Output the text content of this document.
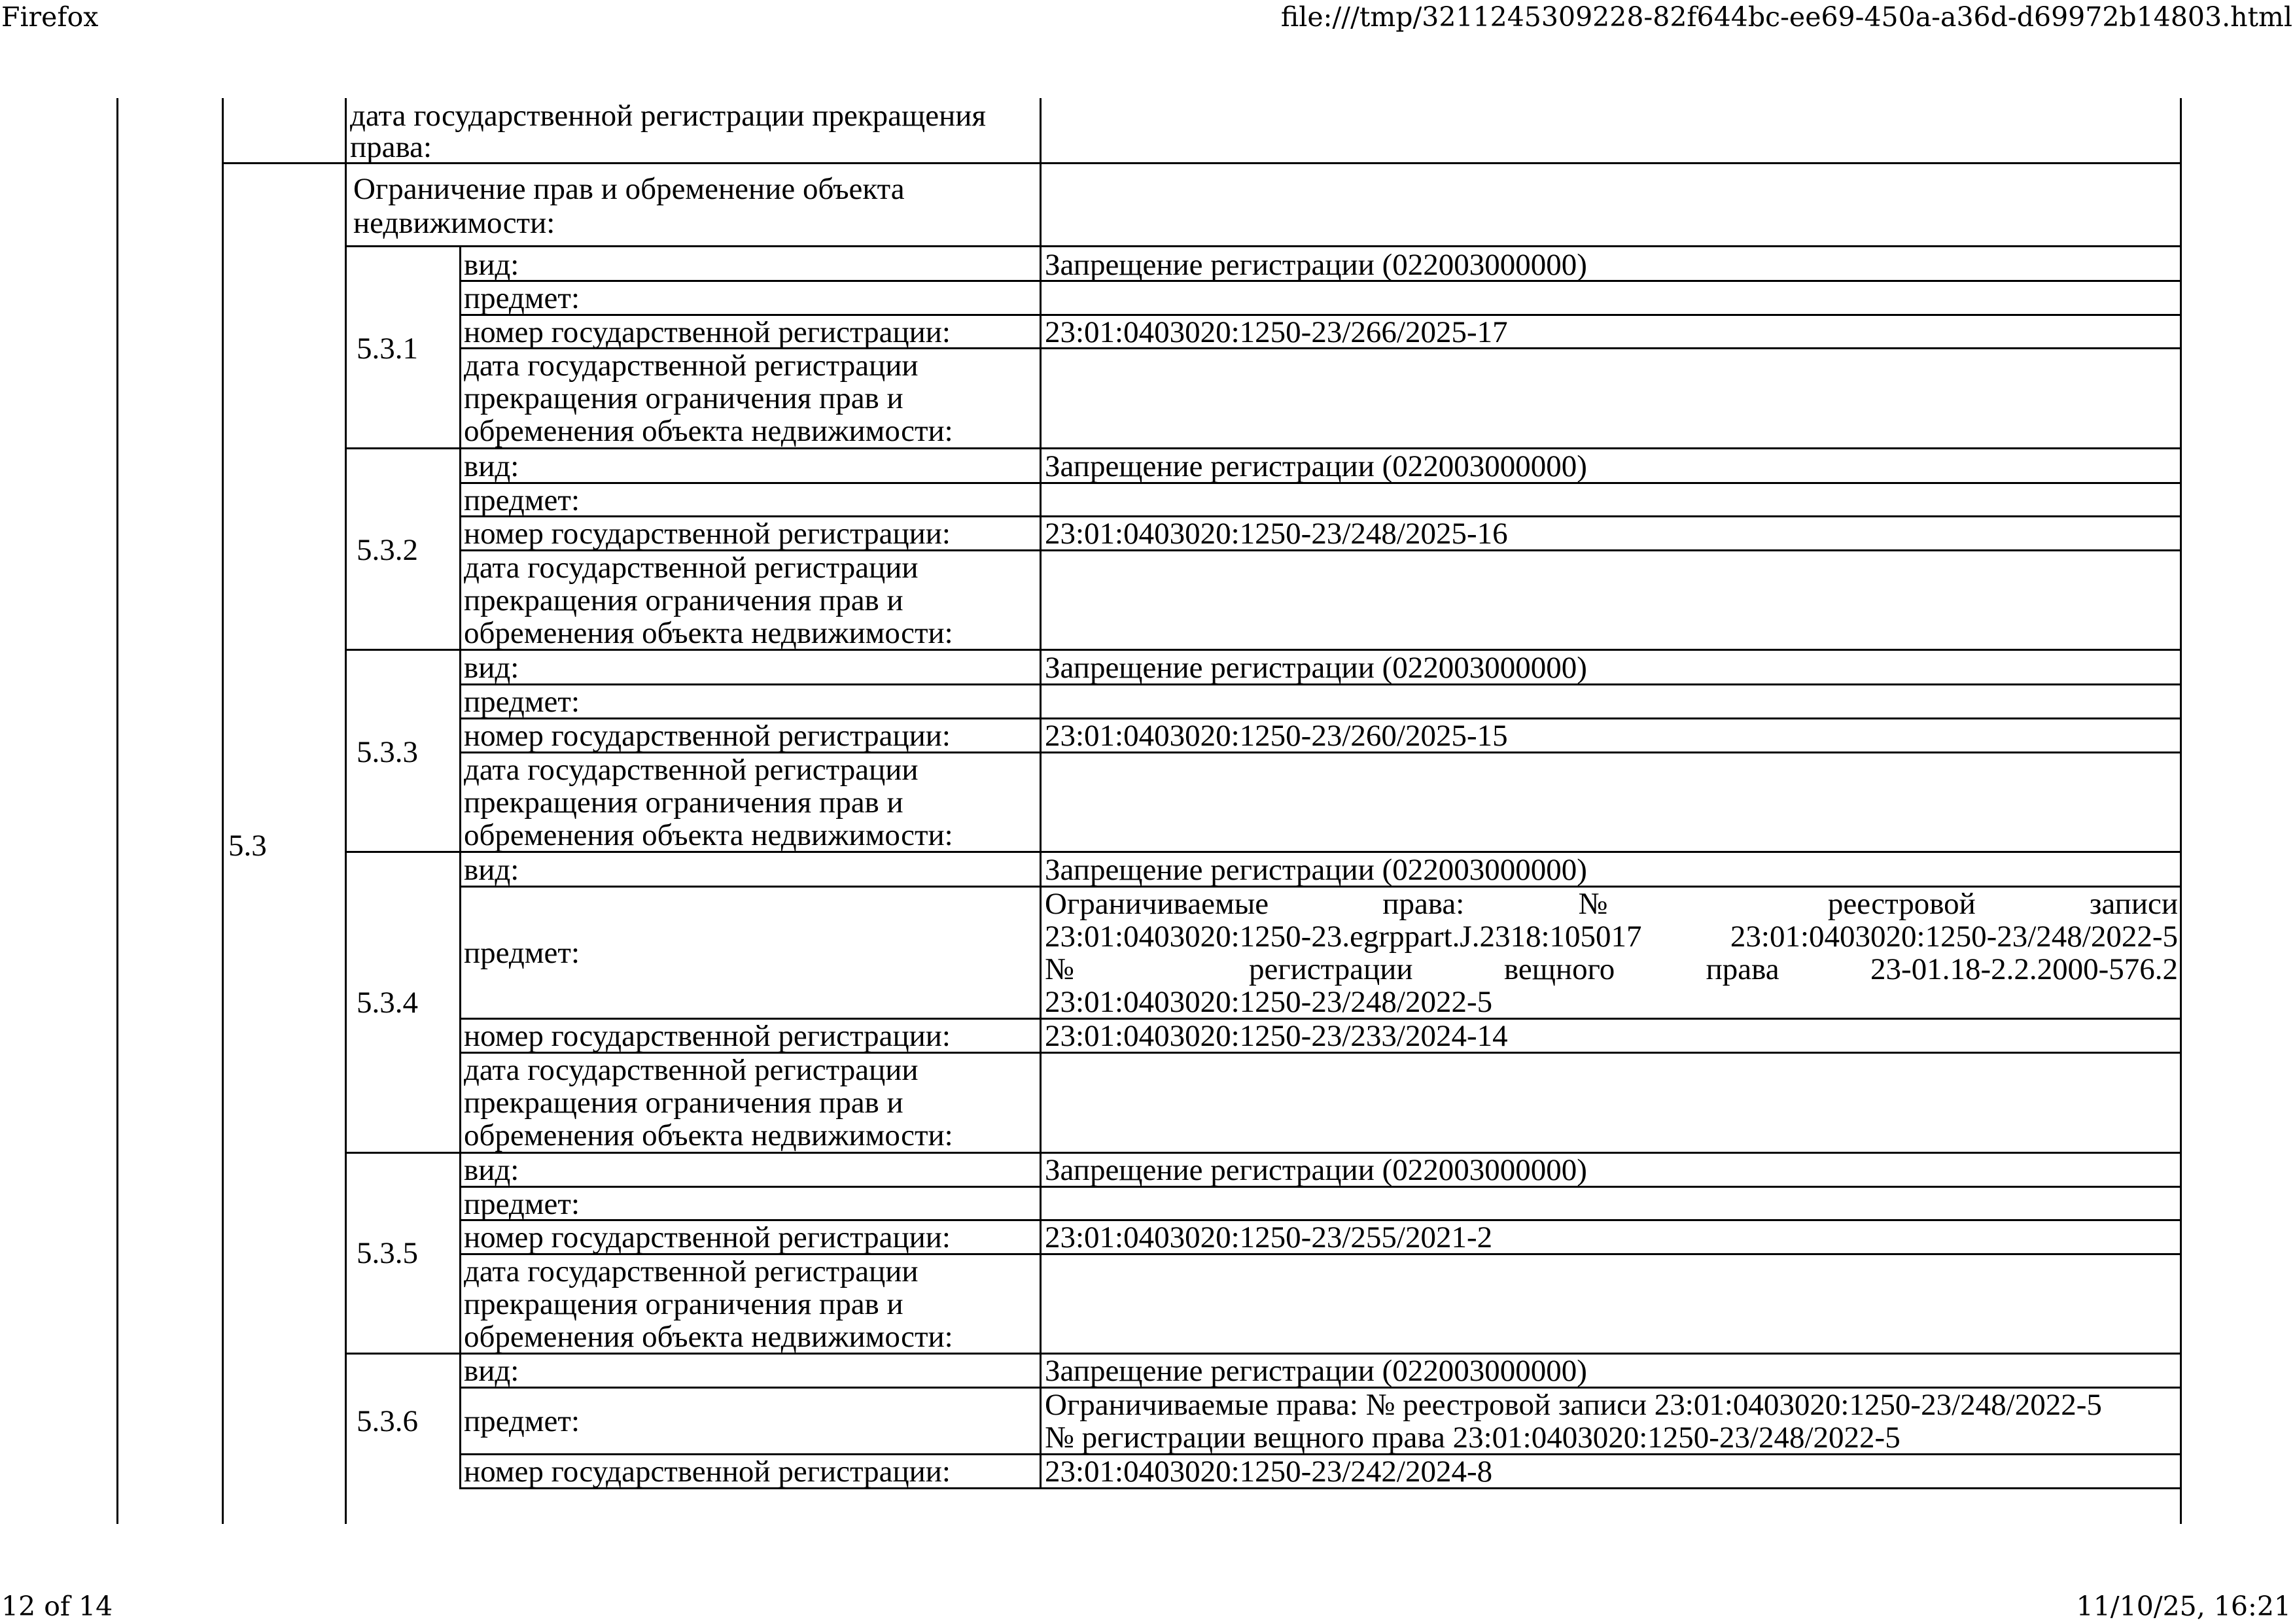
Firefox	file:///tmp/3211245309228-82f644bc-ee69-450a-a36d-d69972b14803.html
12 of 14	11/10/25, 16:21
дата государственной регистрации прекращения
права:
5.3
Ограничение прав и обременение объекта
недвижимости:
5.3.1
вид:	Запрещение регистрации (022003000000)
предмет:
номер государственной регистрации:	23:01:0403020:1250-23/266/2025-17
дата государственной регистрации
прекращения ограничения прав и
обременения объекта недвижимости:
5.3.2
вид:	Запрещение регистрации (022003000000)
предмет:
номер государственной регистрации:	23:01:0403020:1250-23/248/2025-16
дата государственной регистрации
прекращения ограничения прав и
обременения объекта недвижимости:
5.3.3
вид:	Запрещение регистрации (022003000000)
предмет:
номер государственной регистрации:	23:01:0403020:1250-23/260/2025-15
дата государственной регистрации
прекращения ограничения прав и
обременения объекта недвижимости:
5.3.4
вид:	Запрещение регистрации (022003000000)
предмет:
Ограничиваемые права: № реестровой записи
23:01:0403020:1250-23.egrppart.J.2318:105017 23:01:0403020:1250-23/248/2022-5
№ регистрации вещного права 23-01.18-2.2.2000-576.2
23:01:0403020:1250-23/248/2022-5
номер государственной регистрации:	23:01:0403020:1250-23/233/2024-14
дата государственной регистрации
прекращения ограничения прав и
обременения объекта недвижимости:
5.3.5
вид:	Запрещение регистрации (022003000000)
предмет:
номер государственной регистрации:	23:01:0403020:1250-23/255/2021-2
дата государственной регистрации
прекращения ограничения прав и
обременения объекта недвижимости:
5.3.6
вид:	Запрещение регистрации (022003000000)
предмет:	Ограничиваемые права: № реестровой записи 23:01:0403020:1250-23/248/2022-5
№ регистрации вещного права 23:01:0403020:1250-23/248/2022-5
номер государственной регистрации:	23:01:0403020:1250-23/242/2024-8
